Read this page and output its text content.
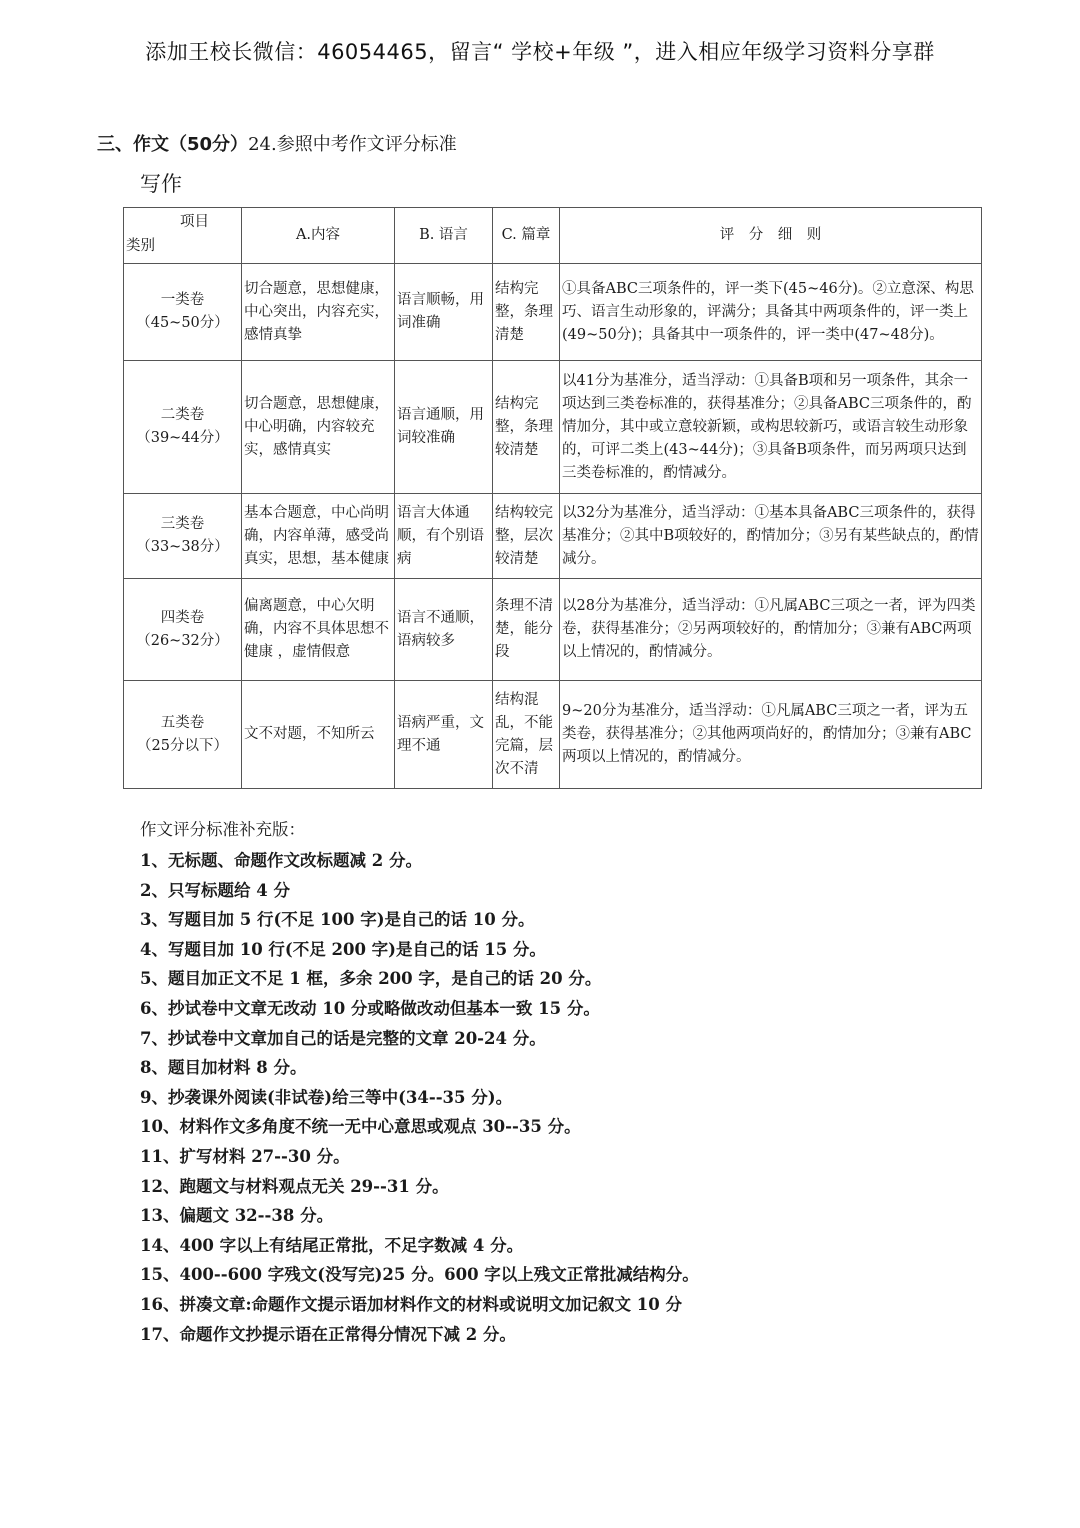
添加王校长微信：46054465，留言“ 学校+年级 ”，进入相应年级学习资料分享群
三、作文（50分）24.参照中考作文评分标准
写作
项目
类别	A.内容	B. 语言	C. 篇章	评　分　细　则

一类卷
（45~50分）	切合题意，思想健康，中心突出，内容充实，感情真挚	语言顺畅，用词准确	结构完整，条理清楚	①具备ABC三项条件的，评一类下(45~46分)。②立意深、构思巧、语言生动形象的，评满分；具备其中两项条件的，评一类上(49~50分)；具备其中一项条件的，评一类中(47~48分)。

二类卷
（39~44分）	切合题意，思想健康，中心明确，内容较充实，感情真实	语言通顺，用词较准确	结构完整，条理较清楚	以41分为基准分，适当浮动：①具备B项和另一项条件，其余一项达到三类卷标准的，获得基准分；②具备ABC三项条件的，酌情加分，其中或立意较新颖，或构思较新巧，或语言较生动形象的，可评二类上(43~44分)；③具备B项条件，而另两项只达到三类卷标准的，酌情减分。

三类卷
（33~38分）	基本合题意，中心尚明确，内容单薄，感受尚真实，思想，基本健康	语言大体通顺，有个别语病	结构较完整，层次较清楚	以32分为基准分，适当浮动：①基本具备ABC三项条件的，获得基准分；②其中B项较好的，酌情加分；③另有某些缺点的，酌情减分。

四类卷
（26~32分）	偏离题意，中心欠明确，内容不具体思想不健康 ，虚情假意	语言不通顺，语病较多	条理不清楚，能分段	以28分为基准分，适当浮动：①凡属ABC三项之一者，评为四类卷，获得基准分；②另两项较好的，酌情加分；③兼有ABC两项以上情况的，酌情减分。

五类卷
（25分以下）	文不对题，不知所云	语病严重，文理不通	结构混乱，不能完篇，层次不清	9~20分为基准分，适当浮动：①凡属ABC三项之一者，评为五类卷，获得基准分；②其他两项尚好的，酌情加分；③兼有ABC两项以上情况的，酌情减分。
作文评分标准补充版：
1、无标题、命题作文改标题减 2 分。
2、只写标题给 4 分
3、写题目加 5 行(不足 100 字)是自己的话 10 分。
4、写题目加 10 行(不足 200 字)是自己的话 15 分。
5、题目加正文不足 1 框，多余 200 字，是自己的话 20 分。
6、抄试卷中文章无改动 10 分或略做改动但基本一致 15 分。
7、抄试卷中文章加自己的话是完整的文章 20-24 分。
8、题目加材料 8 分。
9、抄袭课外阅读(非试卷)给三等中(34--35 分)。
10、材料作文多角度不统一无中心意思或观点 30--35 分。
11、扩写材料 27--30 分。
12、跑题文与材料观点无关 29--31 分。
13、偏题文 32--38 分。
14、400 字以上有结尾正常批，不足字数减 4 分。
15、400--600 字残文(没写完)25 分。600 字以上残文正常批减结构分。
16、拼凑文章:命题作文提示语加材料作文的材料或说明文加记叙文 10 分
17、命题作文抄提示语在正常得分情况下减 2 分。
